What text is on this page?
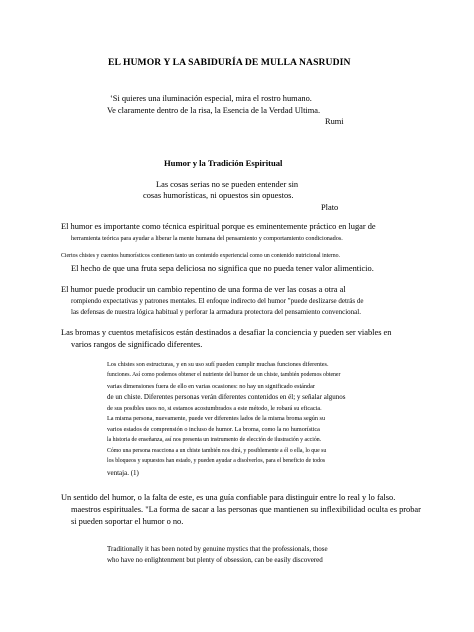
EL HUMOR Y LA SABIDURÍA DE MULLA NASRUDIN
ʽSi quieres una iluminación especial, mira el rostro humano.
Ve claramente dentro de la risa, la Esencia de la Verdad Ultima.
Rumi
Humor y la Tradición Espiritual
Las cosas serias no se pueden entender sin
cosas humorísticas, ni opuestos sin opuestos.
Plato
El humor es importante como técnica espiritual porque es eminentemente práctico en lugar de
herramienta teórica para ayudar a liberar la mente humana del pensamiento y comportamiento condicionados.
Ciertos chistes y cuentos humorísticos contienen tanto un contenido experiencial como un contenido nutricional interno.
El hecho de que una fruta sepa deliciosa no significa que no pueda tener valor alimenticio.
El humor puede producir un cambio repentino de una forma de ver las cosas a otra al
rompiendo expectativas y patrones mentales. El enfoque indirecto del humor "puede deslizarse detrás de
las defensas de nuestra lógica habitual y perforar la armadura protectora del pensamiento convencional.
Las bromas y cuentos metafísicos están destinados a desafiar la conciencia y pueden ser viables en
varios rangos de significado diferentes.
Los chistes son estructuras, y en su uso sufí pueden cumplir muchas funciones diferentes.
funciones. Así como podemos obtener el nutriente del humor de un chiste, también podemos obtener
varias dimensiones fuera de ello en varias ocasiones: no hay un significado estándar
de un chiste. Diferentes personas verán diferentes contenidos en él; y señalar algunos
de sus posibles usos no, si estamos acostumbrados a este método, le robará su eficacia.
La misma persona, nuevamente, puede ver diferentes lados de la misma broma según su
varios estados de comprensión o incluso de humor. La broma, como la no humorística
la historia de enseñanza, así nos presenta un instrumento de elección de ilustración y acción.
Cómo una persona reacciona a un chiste también nos dirá, y posiblemente a él o ella, lo que su
los bloqueos y supuestos han estado, y pueden ayudar a disolverlos, para el beneficio de todos
ventaja. (1)
Un sentido del humor, o la falta de este, es una guía confiable para distinguir entre lo real y lo falso.
maestros espirituales. "La forma de sacar a las personas que mantienen su inflexibilidad oculta es probar
si pueden soportar el humor o no.
Traditionally it has been noted by genuine mystics that the professionals, those
who have no enlightenment but plenty of obsession, can be easily discovered
